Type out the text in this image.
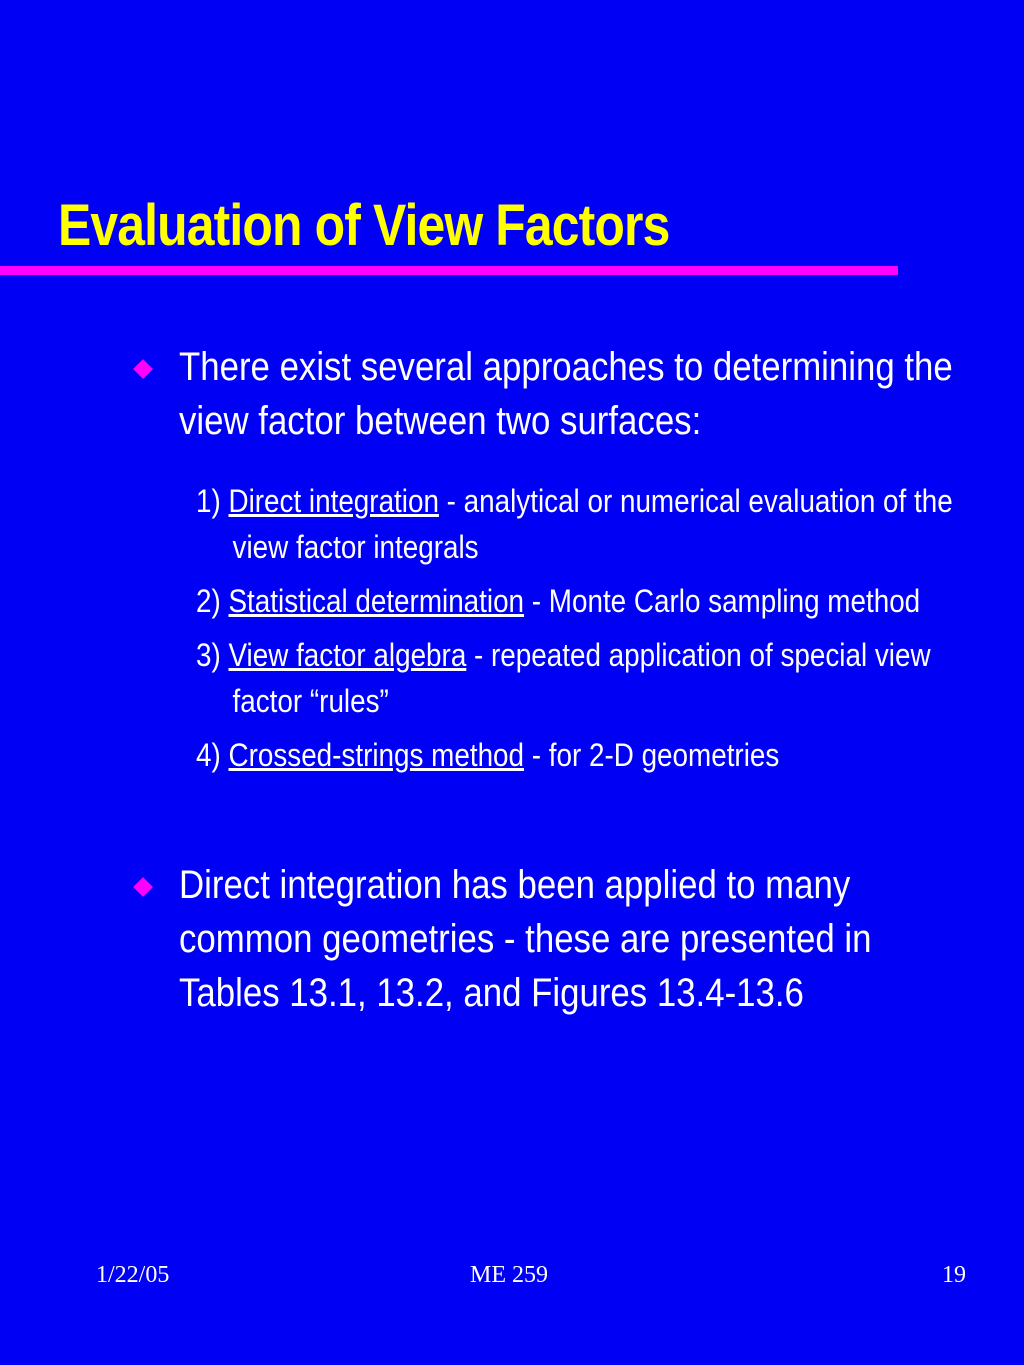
Evaluation of View Factors
There exist several approaches to determining the view factor between two surfaces:
1) Direct integration - analytical or numerical evaluation of the view factor integrals
2) Statistical determination - Monte Carlo sampling method
3) View factor algebra - repeated application of special view factor “rules”
4) Crossed-strings method - for 2-D geometries
Direct integration has been applied to many common geometries - these are presented in Tables 13.1, 13.2, and Figures 13.4-13.6
1/22/05	ME 259	19
